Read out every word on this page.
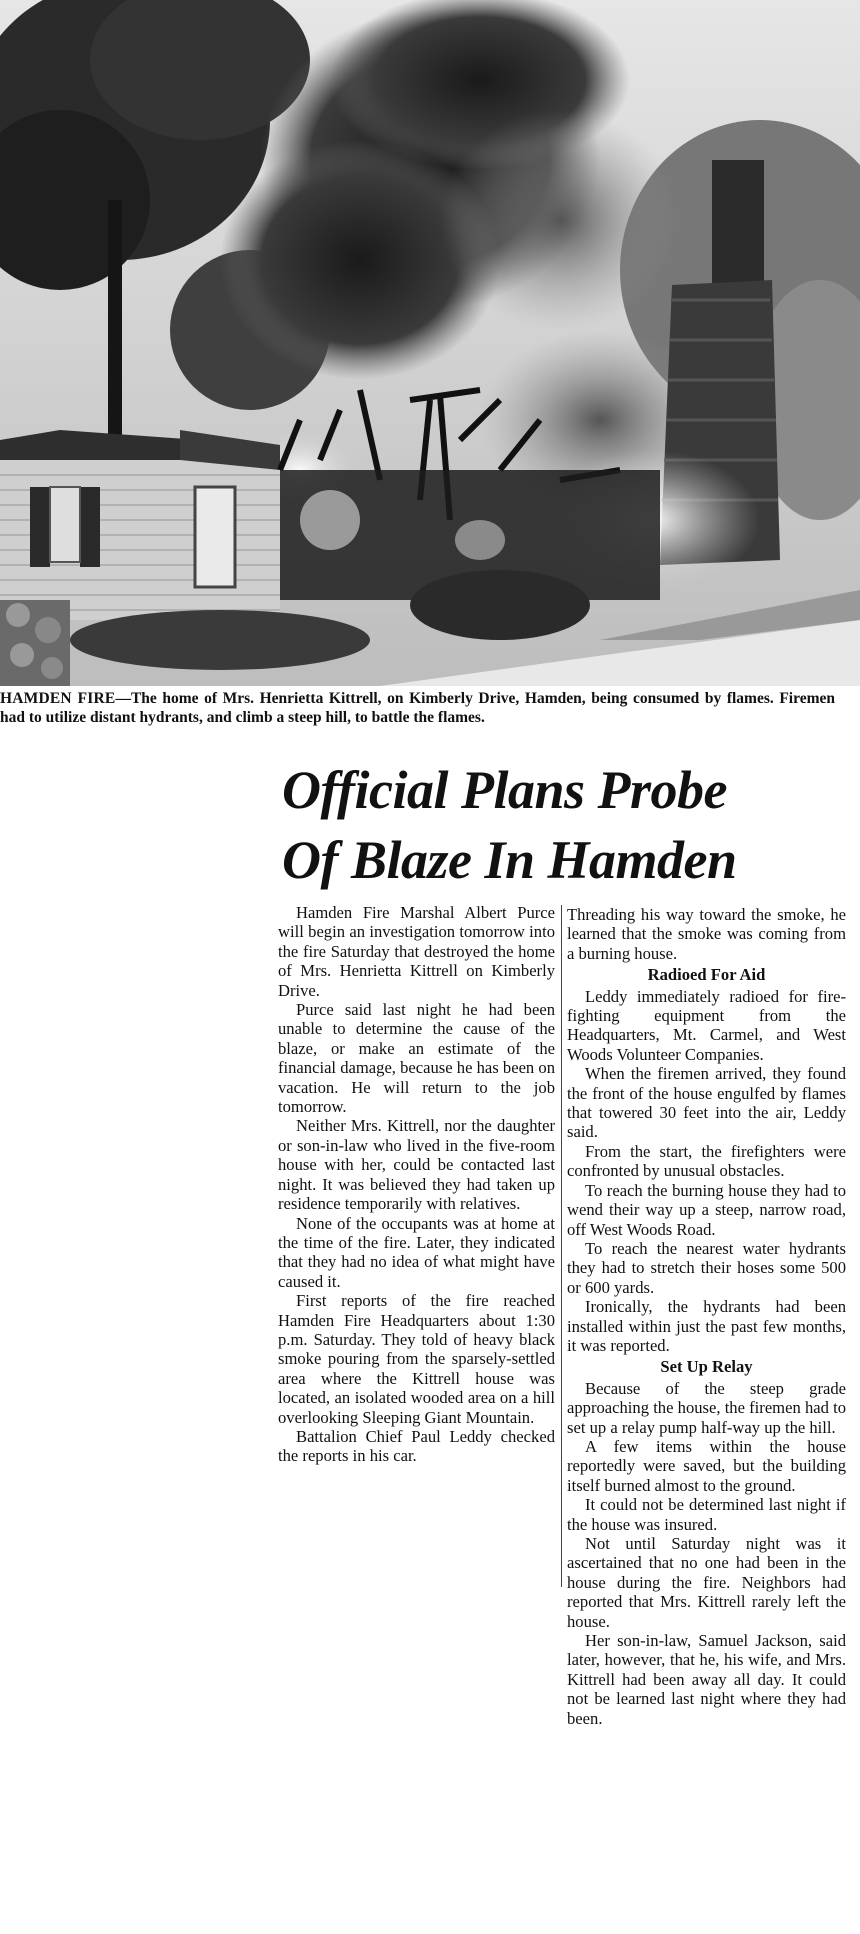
HAMDEN FIRE—The home of Mrs. Henrietta Kittrell, on Kimberly Drive, Hamden, being consumed by flames. Firemen had to utilize distant hydrants, and climb a steep hill, to battle the flames.
Official Plans Probe
Of Blaze In Hamden

Hamden Fire Marshal Albert Purce will begin an investigation tomorrow into the fire Saturday that destroyed the home of Mrs. Henrietta Kittrell on Kimberly Drive.

Purce said last night he had been unable to determine the cause of the blaze, or make an estimate of the financial damage, because he has been on vacation. He will return to the job tomorrow.

Neither Mrs. Kittrell, nor the daughter or son-in-law who lived in the five-room house with her, could be contacted last night. It was believed they had taken up residence temporarily with relatives.

None of the occupants was at home at the time of the fire. Later, they indicated that they had no idea of what might have caused it.

First reports of the fire reached Hamden Fire Headquarters about 1:30 p.m. Saturday. They told of heavy black smoke pouring from the sparsely-settled area where the Kittrell house was located, an isolated wooded area on a hill overlooking Sleeping Giant Mountain.

Battalion Chief Paul Leddy checked the reports in his car.

Threading his way toward the smoke, he learned that the smoke was coming from a burning house.

Radioed For Aid

Leddy immediately radioed for fire-fighting equipment from the Headquarters, Mt. Carmel, and West Woods Volunteer Companies.

When the firemen arrived, they found the front of the house engulfed by flames that towered 30 feet into the air, Leddy said.

From the start, the firefighters were confronted by unusual obstacles.

To reach the burning house they had to wend their way up a steep, narrow road, off West Woods Road.

To reach the nearest water hydrants they had to stretch their hoses some 500 or 600 yards.

Ironically, the hydrants had been installed within just the past few months, it was reported.

Set Up Relay

Because of the steep grade approaching the house, the firemen had to set up a relay pump half-way up the hill.

A few items within the house reportedly were saved, but the building itself burned almost to the ground.

It could not be determined last night if the house was insured.

Not until Saturday night was it ascertained that no one had been in the house during the fire. Neighbors had reported that Mrs. Kittrell rarely left the house.

Her son-in-law, Samuel Jackson, said later, however, that he, his wife, and Mrs. Kittrell had been away all day. It could not be learned last night where they had been.
